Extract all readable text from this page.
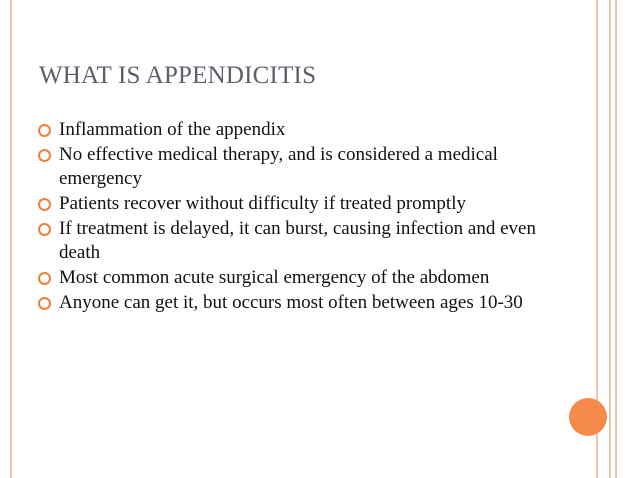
WHAT IS APPENDICITIS
Inflammation of the appendix
No effective medical therapy, and is considered a medical emergency
Patients recover without difficulty if treated promptly
If treatment is delayed, it can burst, causing infection and even death
Most common acute surgical emergency of the abdomen
Anyone can get it, but occurs most often between ages 10-30
